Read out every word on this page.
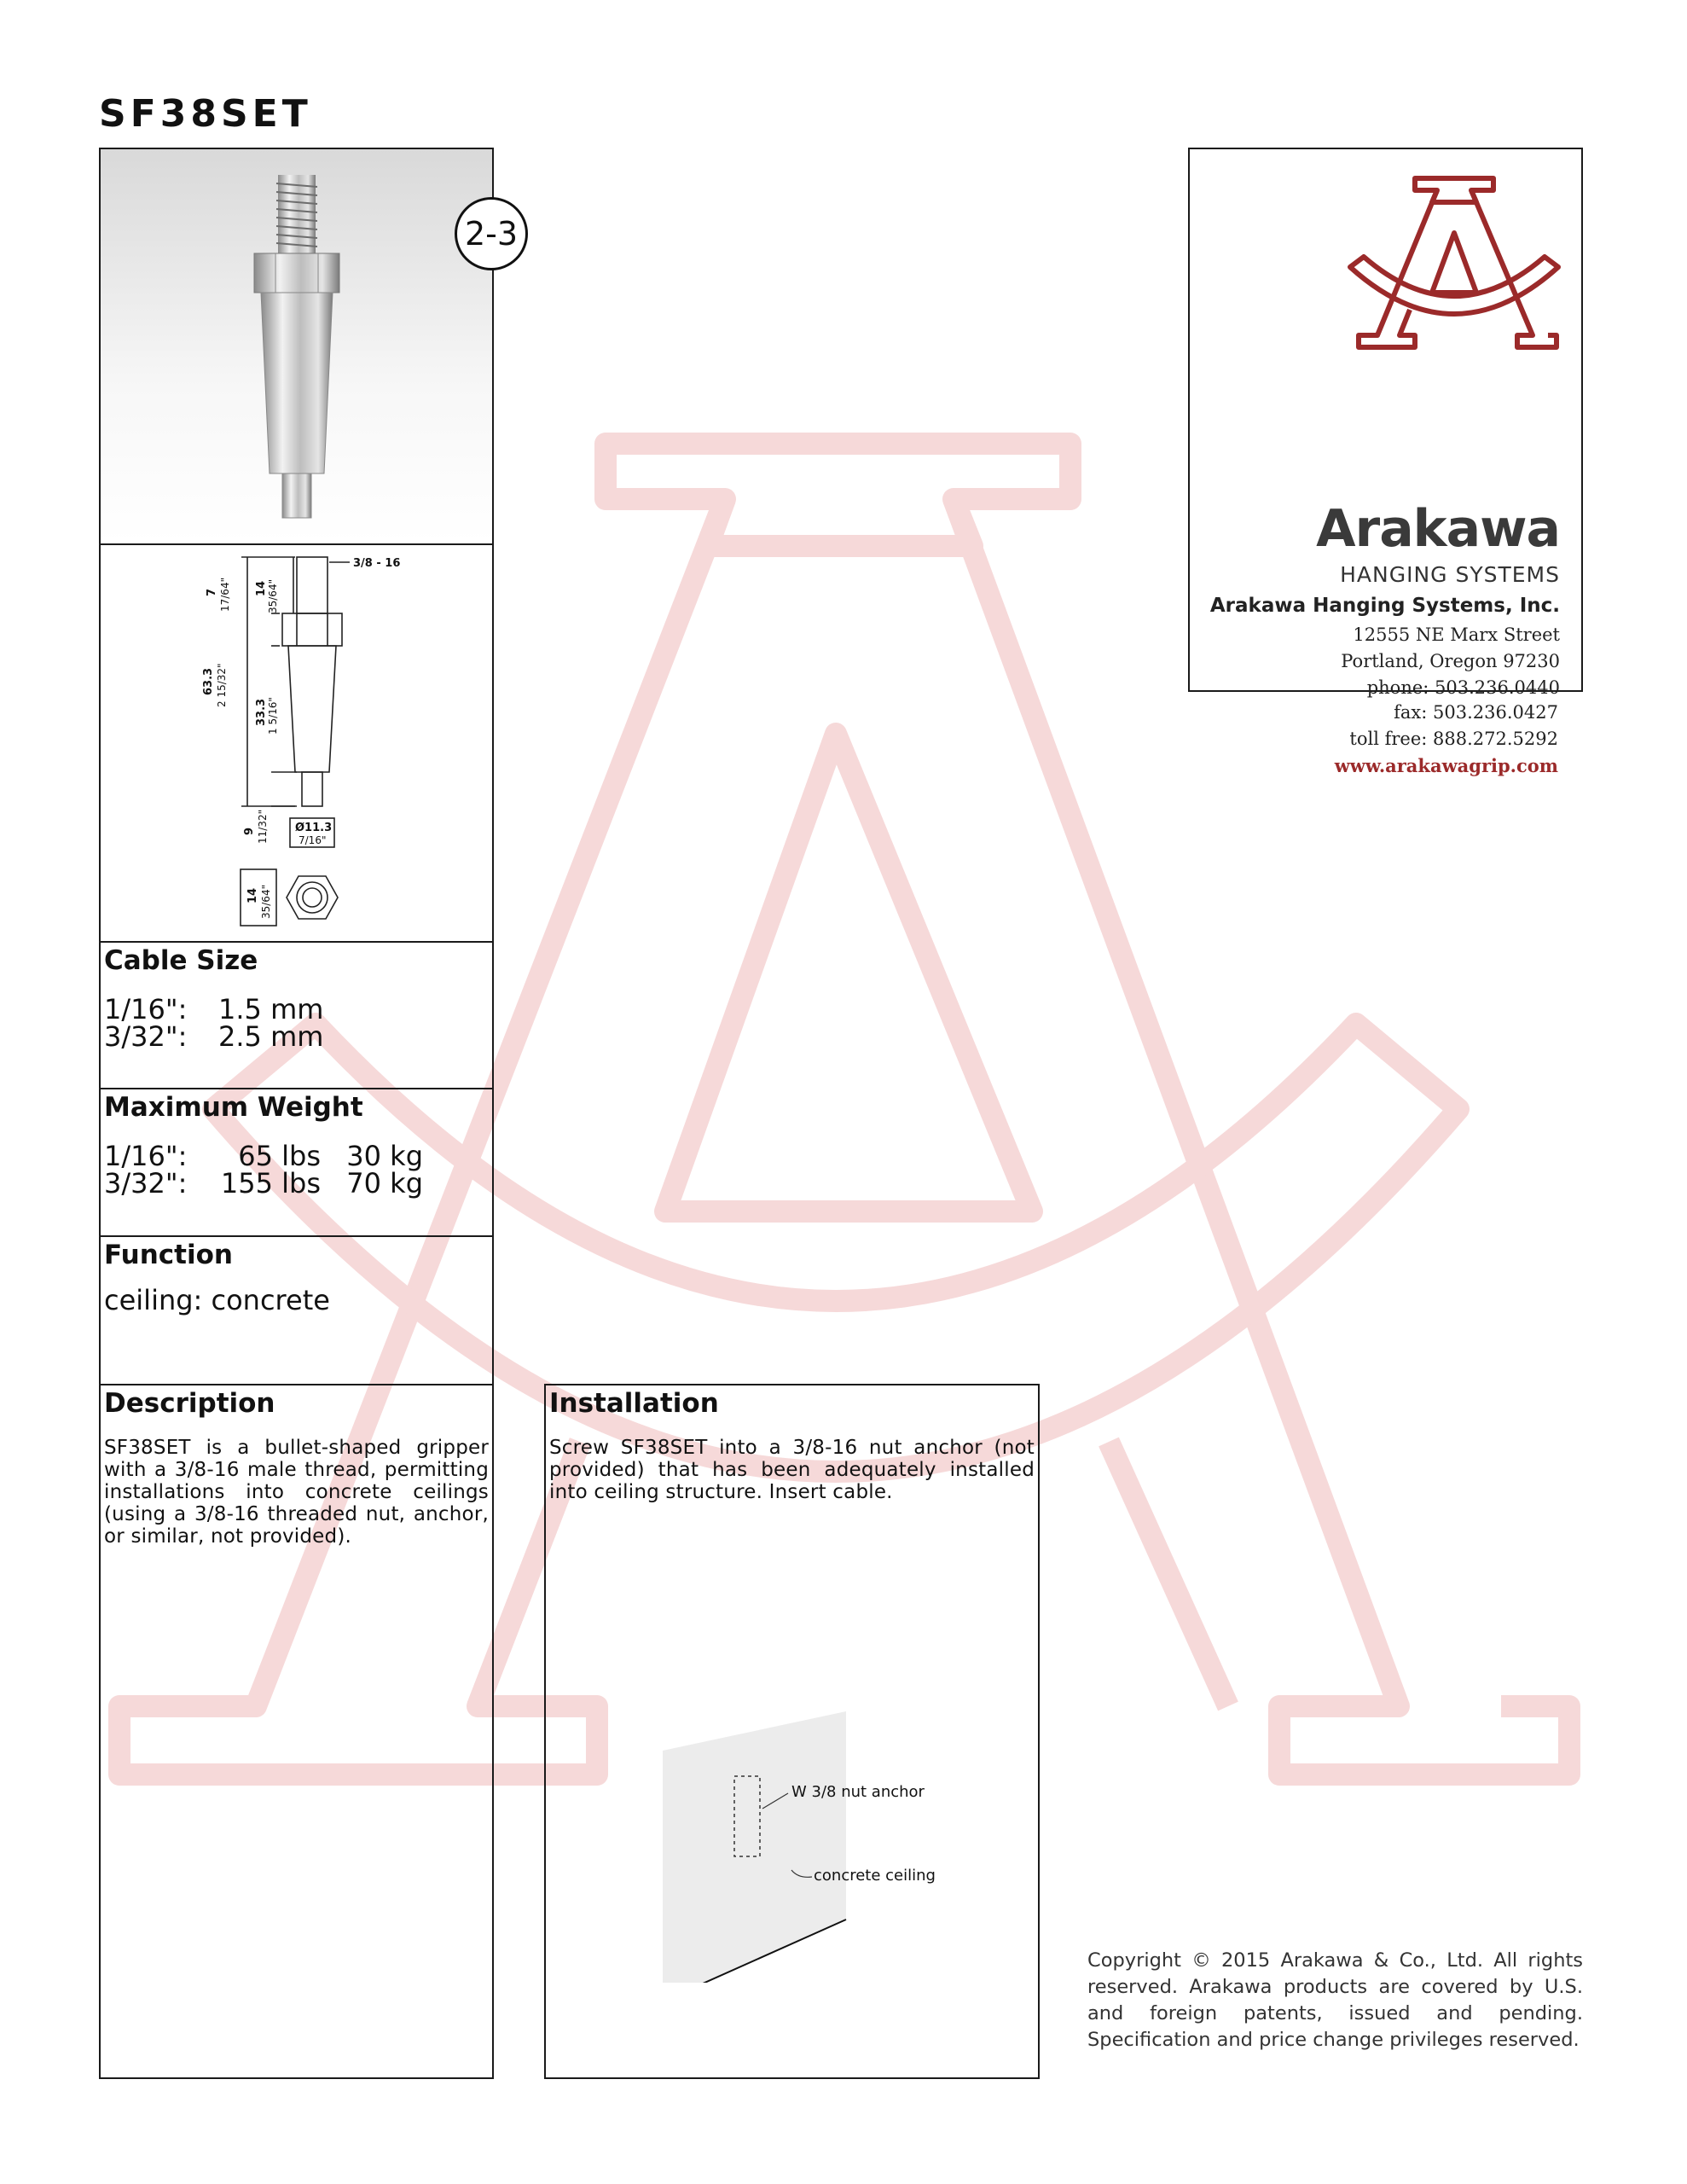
SF38SET
2-3
3/8 - 16
7 17/64" 14 35/64"
63.3 2 15/32"
33.3 1 5/16"
9 11/32" Ø11.3
7/16"
14 35/64"
Cable Size
1/16":	1.5 mm
3/32":	2.5 mm
Maximum Weight
1/16":	65 lbs 30 kg
3/32":	155 lbs 70 kg
Function
ceiling: concrete
Description
SF38SET is a bullet-shaped gripper with a 3/8-16 male thread, permitting installations into concrete ceilings (using a 3/8-16 threaded nut, anchor, or similar, not provided).
Installation
Screw SF38SET into a 3/8-16 nut anchor (not provided) that has been adequately installed into ceiling structure. Insert cable.
W 3/8 nut anchor
concrete ceiling
Arakawa
HANGING SYSTEMS
Arakawa Hanging Systems, Inc.
12555 NE Marx Street
Portland, Oregon 97230
phone: 503.236.0440
fax: 503.236.0427
toll free: 888.272.5292
www.arakawagrip.com
Copyright © 2015 Arakawa & Co., Ltd. All rights reserved. Arakawa products are covered by U.S. and foreign patents, issued and pending. Specification and price change privileges reserved.
